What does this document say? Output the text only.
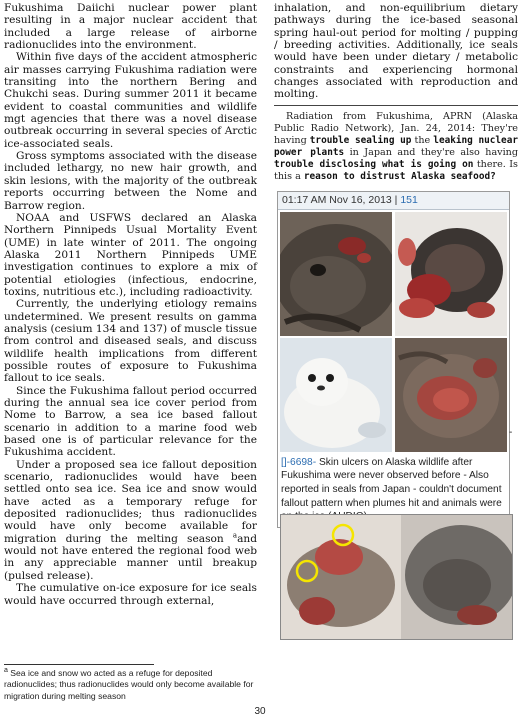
Fukushima Daiichi nuclear power plant resulting in a major nuclear accident that included a large release of airborne radionuclides into the environment.

Within five days of the accident atmospheric air masses carrying Fukushima radiation were transiting into the northern Bering and Chukchi seas. During summer 2011 it became evident to coastal communities and wildlife mgt agencies that there was a novel disease outbreak occurring in several species of Arctic ice-associated seals.

Gross symptoms associated with the disease included lethargy, no new hair growth, and skin lesions, with the majority of the outbreak reports occurring between the Nome and Barrow region.

NOAA and USFWS declared an Alaska Northern Pinnipeds Usual Mortality Event (UME) in late winter of 2011. The ongoing Alaska 2011 Northern Pinnipeds UME investigation continues to explore a mix of potential etiologies (infectious, endocrine, toxins, nutritious etc.), including radioactivity.

Currently, the underlying etiology remains undetermined. We present results on gamma analysis (cesium 134 and 137) of muscle tissue from control and diseased seals, and discuss wildlife health implications from different possible routes of exposure to Fukushima fallout to ice seals.

Since the Fukushima fallout period occurred during the annual sea ice cover period from Nome to Barrow, a sea ice based fallout scenario in addition to a marine food web based one is of particular relevance for the Fukushima accident.

Under a proposed sea ice fallout deposition scenario, radionuclides would have been settled onto sea ice. Sea ice and snow would have acted as a temporary refuge for deposited radionuclides; thus radionuclides would have only become available for migration during the melting season $^a$and would not have entered the regional food web in any appreciable manner until breakup (pulsed release).

The cumulative on-ice exposure for ice seals would have occurred through external,

inhalation, and non-equilibrium dietary pathways during the ice-based seasonal spring haul-out period for molting / pupping / breeding activities. Additionally, ice seals would have been under dietary / metabolic constraints and experiencing hormonal changes associated with reproduction and molting.

Radiation from Fukushima, APRN (Alaska Public Radio Network), Jan. 24, 2014: They're having trouble sealing up the leaking nuclear power plants in Japan and they're also having trouble disclosing what is going on there. Is this a reason to distrust Alaska seafood?

01:17 AM Nov 16, 2013 | 151
[]-6698- Skin ulcers on Alaska wildlife after Fukushima were never observed before - Also reported in seals from Japan - couldn't document fallout pattern when plumes hit and animals were
-
$^a$ Sea ice and snow wo acted as a refuge for deposited radionuclides; thus radionuclides would only become available for migration during melting season
30
